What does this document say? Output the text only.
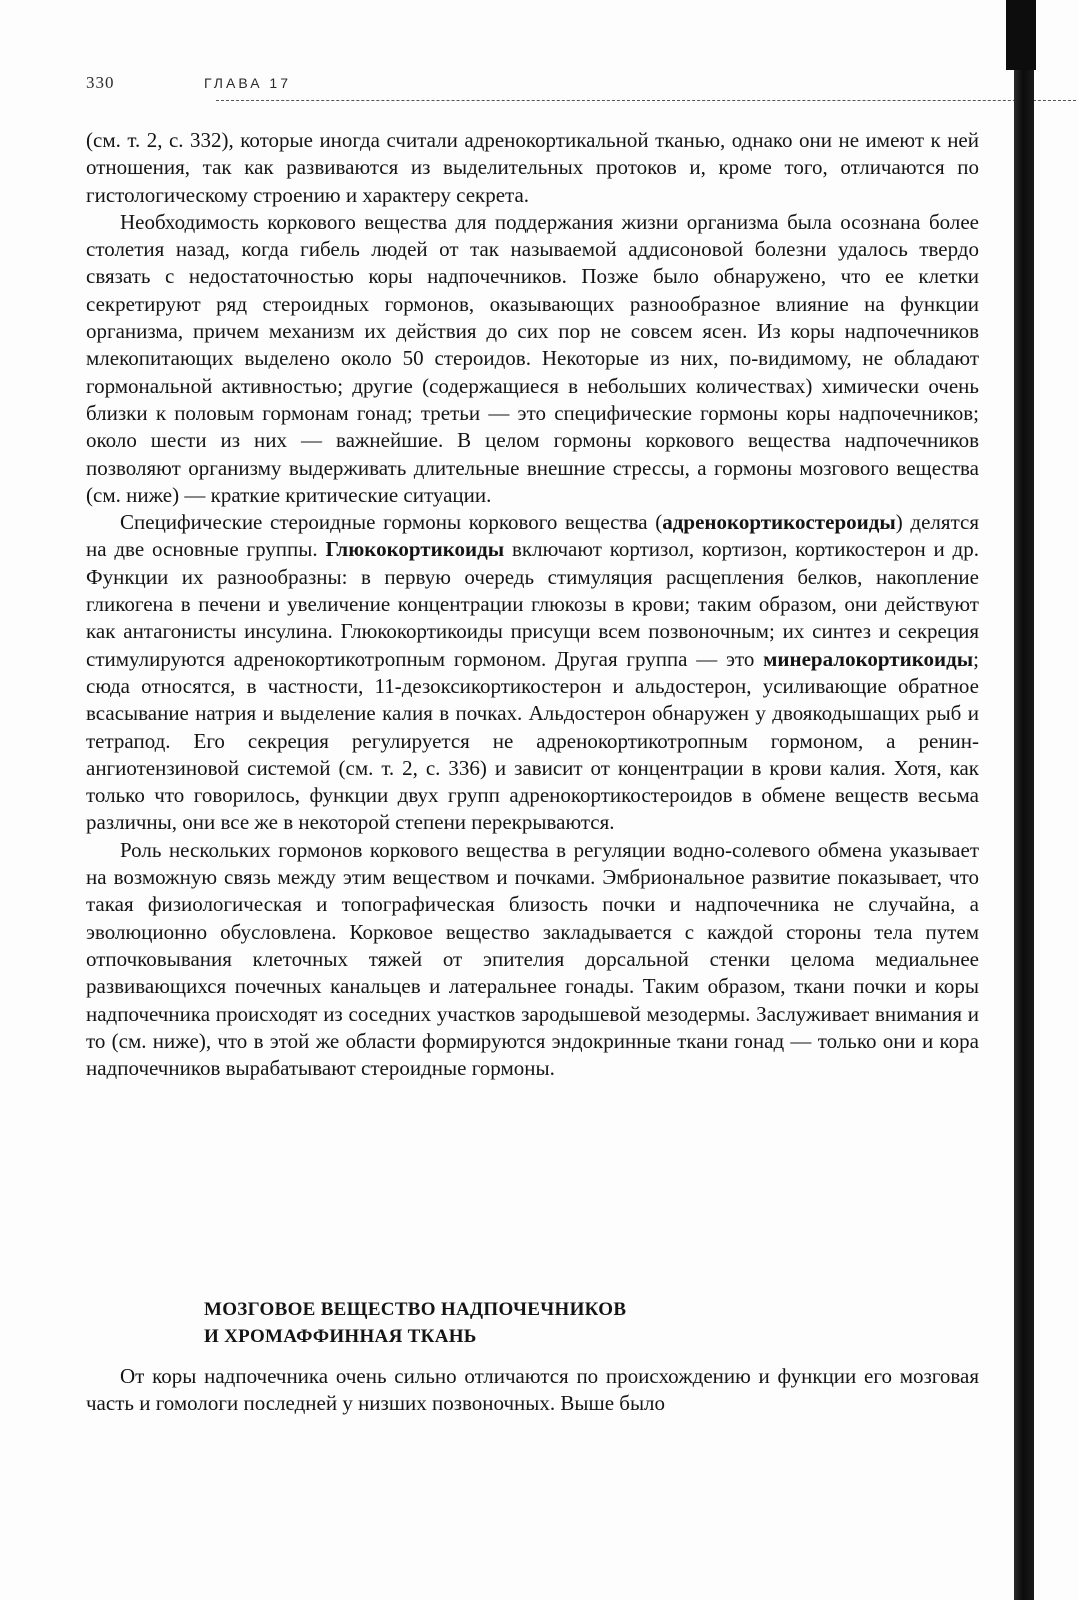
330	ГЛАВА 17

(см. т. 2, с. 332), которые иногда считали адренокортикальной тканью, однако они не имеют к ней отношения, так как развиваются из выделительных протоков и, кроме того, отличаются по гистологическому строению и характеру секрета.

Необходимость коркового вещества для поддержания жизни организма была осознана более столетия назад, когда гибель людей от так называемой аддисоновой болезни удалось твердо связать с недостаточностью коры надпочечников. Позже было обнаружено, что ее клетки секретируют ряд стероидных гормонов, оказывающих разнообразное влияние на функции организма, причем механизм их действия до сих пор не совсем ясен. Из коры надпочечников млекопитающих выделено около 50 стероидов. Некоторые из них, по-видимому, не обладают гормональной активностью; другие (содержащиеся в небольших количествах) химически очень близки к половым гормонам гонад; третьи — это специфические гормоны коры надпочечников; около шести из них — важнейшие. В целом гормоны коркового вещества надпочечников позволяют организму выдерживать длительные внешние стрессы, а гормоны мозгового вещества (см. ниже) — краткие критические ситуации.

Специфические стероидные гормоны коркового вещества (адренокортикостероиды) делятся на две основные группы. Глюкокортикоиды включают кортизол, кортизон, кортикостерон и др. Функции их разнообразны: в первую очередь стимуляция расщепления белков, накопление гликогена в печени и увеличение концентрации глюкозы в крови; таким образом, они действуют как антагонисты инсулина. Глюкокортикоиды присущи всем позвоночным; их синтез и секреция стимулируются адренокортикотропным гормоном. Другая группа — это минералокортикоиды; сюда относятся, в частности, 11-дезоксикортикостерон и альдостерон, усиливающие обратное всасывание натрия и выделение калия в почках. Альдостерон обнаружен у двоякодышащих рыб и тетрапод. Его секреция регулируется не адренокортикотропным гормоном, а ренин-ангиотензиновой системой (см. т. 2, с. 336) и зависит от концентрации в крови калия. Хотя, как только что говорилось, функции двух групп адренокортикостероидов в обмене веществ весьма различны, они все же в некоторой степени перекрываются.

Роль нескольких гормонов коркового вещества в регуляции водно-солевого обмена указывает на возможную связь между этим веществом и почками. Эмбриональное развитие показывает, что такая физиологическая и топографическая близость почки и надпочечника не случайна, а эволюционно обусловлена. Корковое вещество закладывается с каждой стороны тела путем отпочковывания клеточных тяжей от эпителия дорсальной стенки целома медиальнее развивающихся почечных канальцев и латеральнее гонады. Таким образом, ткани почки и коры надпочечника происходят из соседних участков зародышевой мезодермы. Заслуживает внимания и то (см. ниже), что в этой же области формируются эндокринные ткани гонад — только они и кора надпочечников вырабатывают стероидные гормоны.

МОЗГОВОЕ ВЕЩЕСТВО НАДПОЧЕЧНИКОВ
И ХРОМАФФИННАЯ ТКАНЬ

От коры надпочечника очень сильно отличаются по происхождению и функции его мозговая часть и гомологи последней у низших позвоночных. Выше было
